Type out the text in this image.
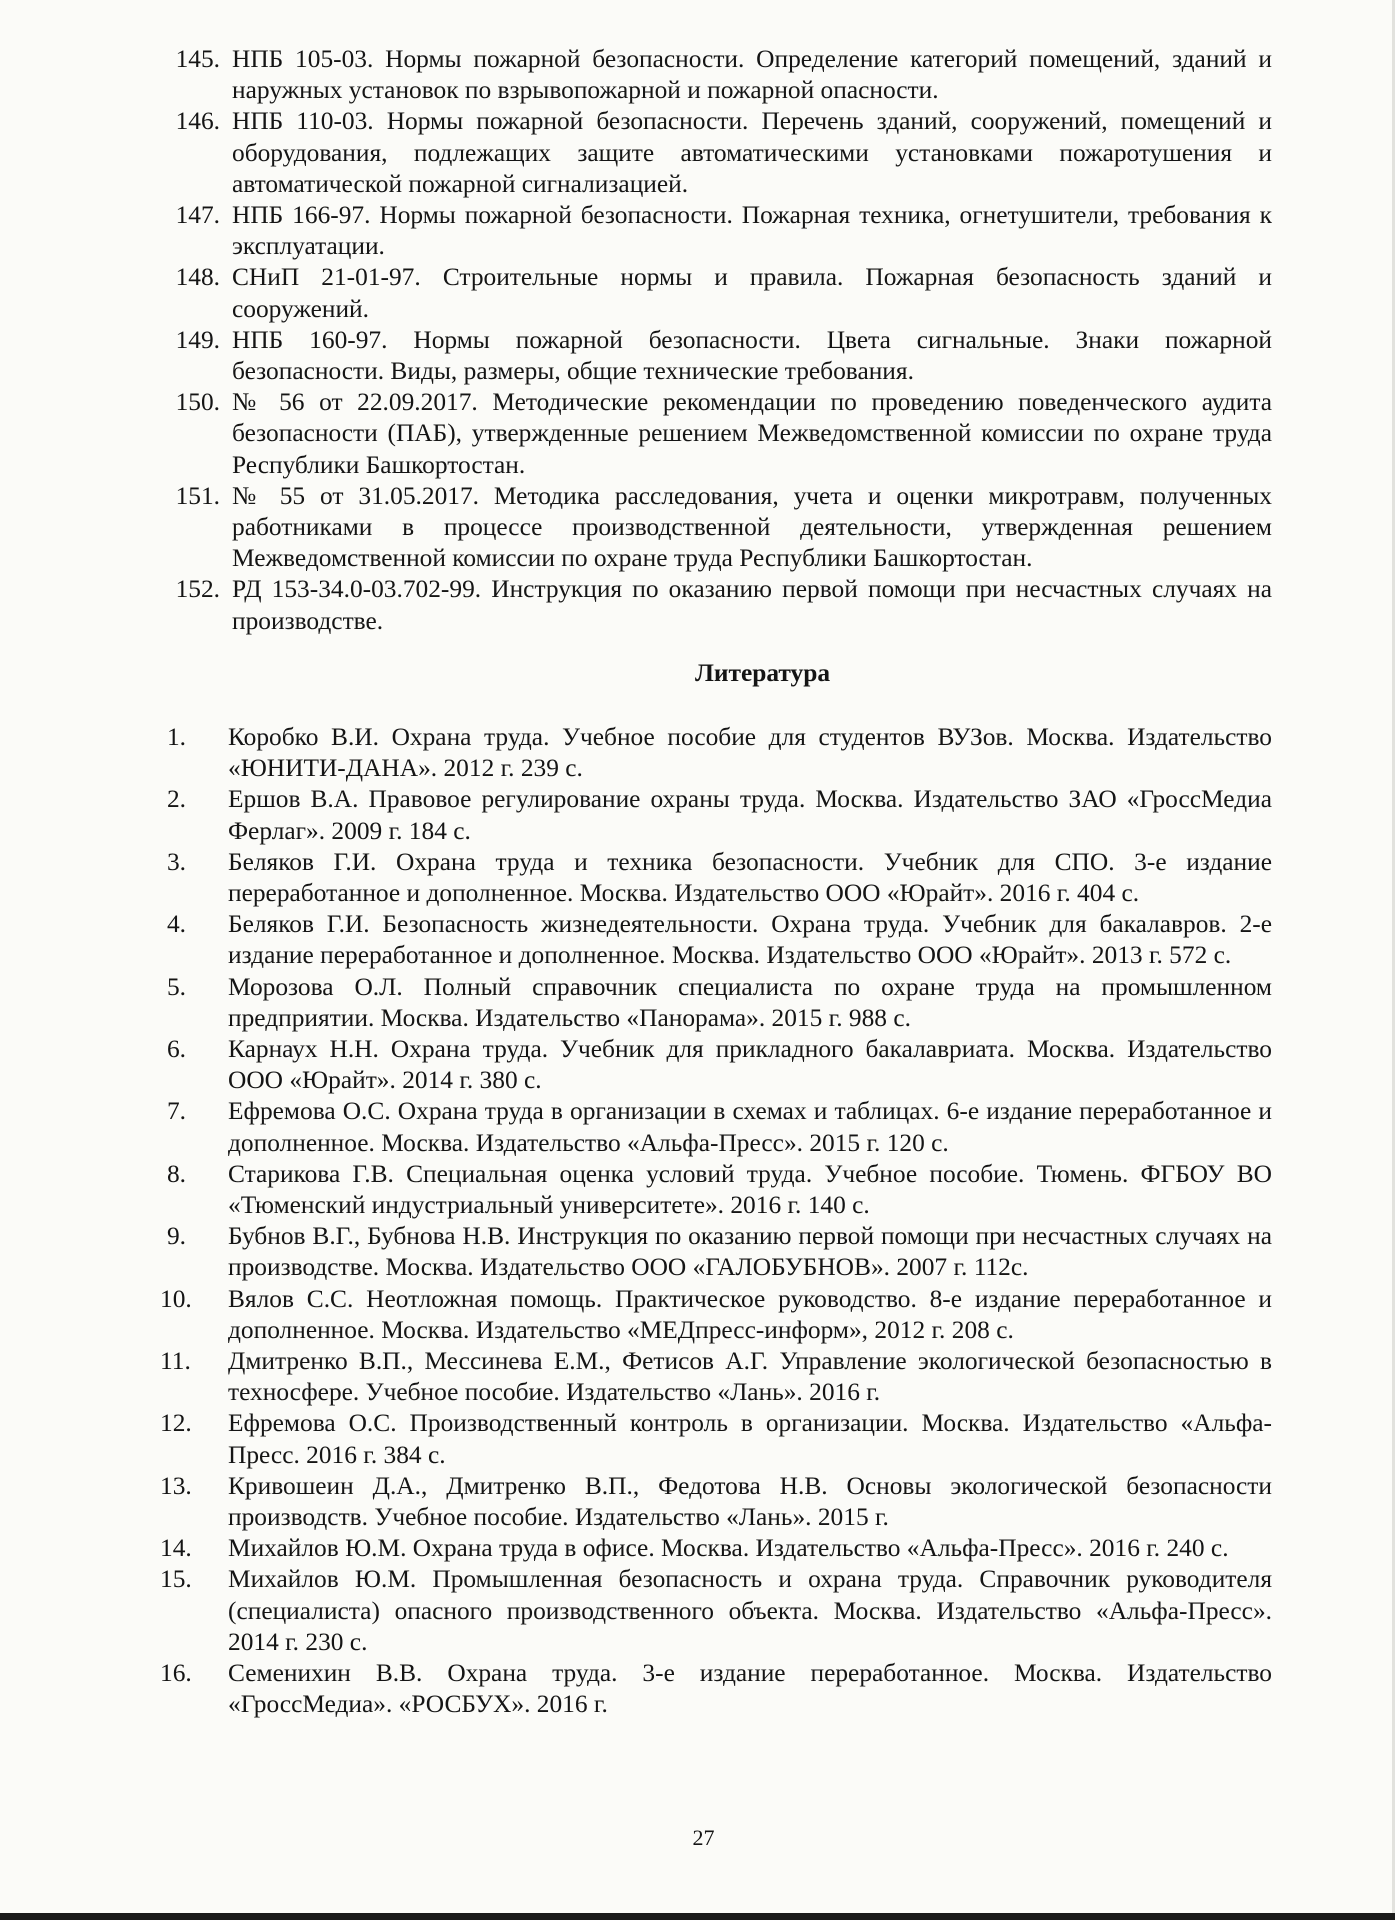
145. НПБ 105-03. Нормы пожарной безопасности. Определение категорий помещений, зданий и наружных установок по взрывопожарной и пожарной опасности.
146. НПБ 110-03. Нормы пожарной безопасности. Перечень зданий, сооружений, помещений и оборудования, подлежащих защите автоматическими установками пожаротушения и автоматической пожарной сигнализацией.
147. НПБ 166-97. Нормы пожарной безопасности. Пожарная техника, огнетушители, требования к эксплуатации.
148. СНиП 21-01-97. Строительные нормы и правила. Пожарная безопасность зданий и сооружений.
149. НПБ 160-97. Нормы пожарной безопасности. Цвета сигнальные. Знаки пожарной безопасности. Виды, размеры, общие технические требования.
150. № 56 от 22.09.2017. Методические рекомендации по проведению поведенческого аудита безопасности (ПАБ), утвержденные решением Межведомственной комиссии по охране труда Республики Башкортостан.
151. № 55 от 31.05.2017. Методика расследования, учета и оценки микротравм, полученных работниками в процессе производственной деятельности, утвержденная решением Межведомственной комиссии по охране труда Республики Башкортостан.
152. РД 153-34.0-03.702-99. Инструкция по оказанию первой помощи при несчастных случаях на производстве.
Литература
1. Коробко В.И. Охрана труда. Учебное пособие для студентов ВУЗов. Москва. Издательство «ЮНИТИ-ДАНА». 2012 г. 239 с.
2. Ершов В.А. Правовое регулирование охраны труда. Москва. Издательство ЗАО «ГроссМедиа Ферлаг». 2009 г. 184 с.
3. Беляков Г.И. Охрана труда и техника безопасности. Учебник для СПО. 3-е издание переработанное и дополненное. Москва. Издательство ООО «Юрайт». 2016 г. 404 с.
4. Беляков Г.И. Безопасность жизнедеятельности. Охрана труда. Учебник для бакалавров. 2-е издание переработанное и дополненное. Москва. Издательство ООО «Юрайт». 2013 г. 572 с.
5. Морозова О.Л. Полный справочник специалиста по охране труда на промышленном предприятии. Москва. Издательство «Панорама». 2015 г. 988 с.
6. Карнаух Н.Н. Охрана труда. Учебник для прикладного бакалавриата. Москва. Издательство ООО «Юрайт». 2014 г. 380 с.
7. Ефремова О.С. Охрана труда в организации в схемах и таблицах. 6-е издание переработанное и дополненное. Москва. Издательство «Альфа-Пресс». 2015 г. 120 с.
8. Старикова Г.В. Специальная оценка условий труда. Учебное пособие. Тюмень. ФГБОУ ВО «Тюменский индустриальный университете». 2016 г. 140 с.
9. Бубнов В.Г., Бубнова Н.В. Инструкция по оказанию первой помощи при несчастных случаях на производстве. Москва. Издательство ООО «ГАЛОБУБНОВ». 2007 г. 112с.
10. Вялов С.С. Неотложная помощь. Практическое руководство. 8-е издание переработанное и дополненное. Москва. Издательство «МЕДпресс-информ», 2012 г. 208 с.
11. Дмитренко В.П., Мессинева Е.М., Фетисов А.Г. Управление экологической безопасностью в техносфере. Учебное пособие. Издательство «Лань». 2016 г.
12. Ефремова О.С. Производственный контроль в организации. Москва. Издательство «Альфа-Пресс. 2016 г. 384 с.
13. Кривошеин Д.А., Дмитренко В.П., Федотова Н.В. Основы экологической безопасности производств. Учебное пособие. Издательство «Лань». 2015 г.
14. Михайлов Ю.М. Охрана труда в офисе. Москва. Издательство «Альфа-Пресс». 2016 г. 240 с.
15. Михайлов Ю.М. Промышленная безопасность и охрана труда. Справочник руководителя (специалиста) опасного производственного объекта. Москва. Издательство «Альфа-Пресс». 2014 г. 230 с.
16. Семенихин В.В. Охрана труда. 3-е издание переработанное. Москва. Издательство «ГроссМедиа». «РОСБУХ». 2016 г.
27
